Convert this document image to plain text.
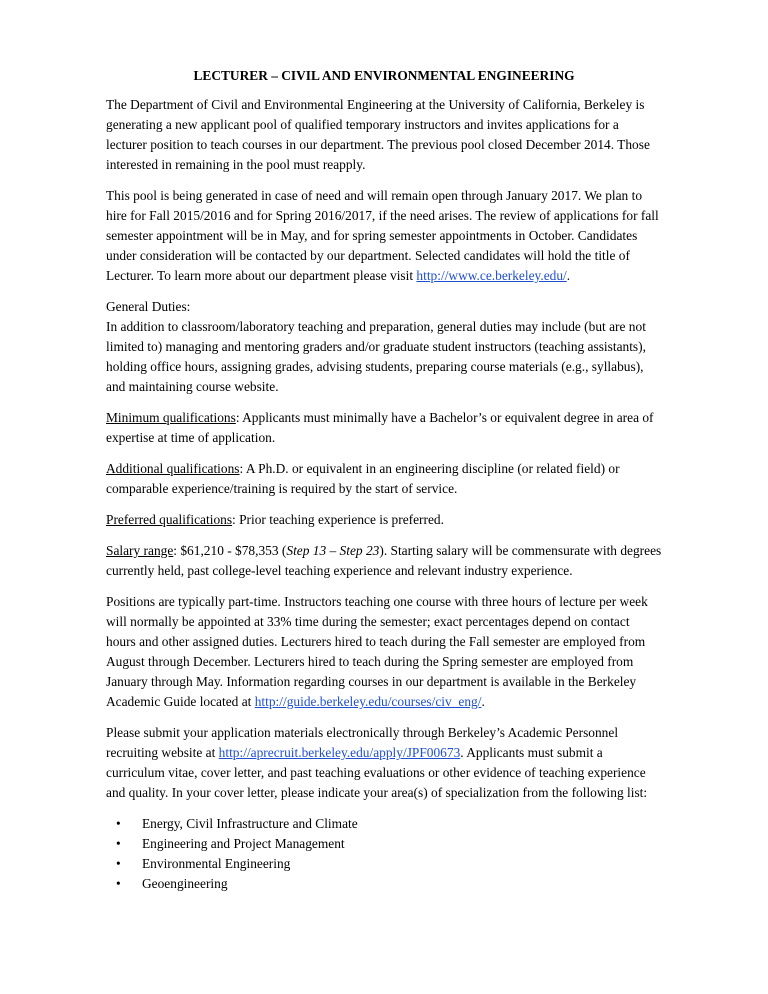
LECTURER – CIVIL AND ENVIRONMENTAL ENGINEERING

The Department of Civil and Environmental Engineering at the University of California, Berkeley is generating a new applicant pool of qualified temporary instructors and invites applications for a lecturer position to teach courses in our department. The previous pool closed December 2014. Those interested in remaining in the pool must reapply.

This pool is being generated in case of need and will remain open through January 2017. We plan to hire for Fall 2015/2016 and for Spring 2016/2017, if the need arises. The review of applications for fall semester appointment will be in May, and for spring semester appointments in October. Candidates under consideration will be contacted by our department. Selected candidates will hold the title of Lecturer. To learn more about our department please visit http://www.ce.berkeley.edu/.

General Duties:
In addition to classroom/laboratory teaching and preparation, general duties may include (but are not limited to) managing and mentoring graders and/or graduate student instructors (teaching assistants), holding office hours, assigning grades, advising students, preparing course materials (e.g., syllabus), and maintaining course website.

Minimum qualifications: Applicants must minimally have a Bachelor’s or equivalent degree in area of expertise at time of application.

Additional qualifications: A Ph.D. or equivalent in an engineering discipline (or related field) or comparable experience/training is required by the start of service.

Preferred qualifications: Prior teaching experience is preferred.

Salary range: $61,210 - $78,353 (Step 13 – Step 23). Starting salary will be commensurate with degrees currently held, past college-level teaching experience and relevant industry experience.

Positions are typically part-time. Instructors teaching one course with three hours of lecture per week will normally be appointed at 33% time during the semester; exact percentages depend on contact hours and other assigned duties. Lecturers hired to teach during the Fall semester are employed from August through December. Lecturers hired to teach during the Spring semester are employed from January through May. Information regarding courses in our department is available in the Berkeley Academic Guide located at http://guide.berkeley.edu/courses/civ_eng/.

Please submit your application materials electronically through Berkeley’s Academic Personnel recruiting website at http://aprecruit.berkeley.edu/apply/JPF00673. Applicants must submit a curriculum vitae, cover letter, and past teaching evaluations or other evidence of teaching experience and quality. In your cover letter, please indicate your area(s) of specialization from the following list:

• Energy, Civil Infrastructure and Climate
• Engineering and Project Management
• Environmental Engineering
• Geoengineering
